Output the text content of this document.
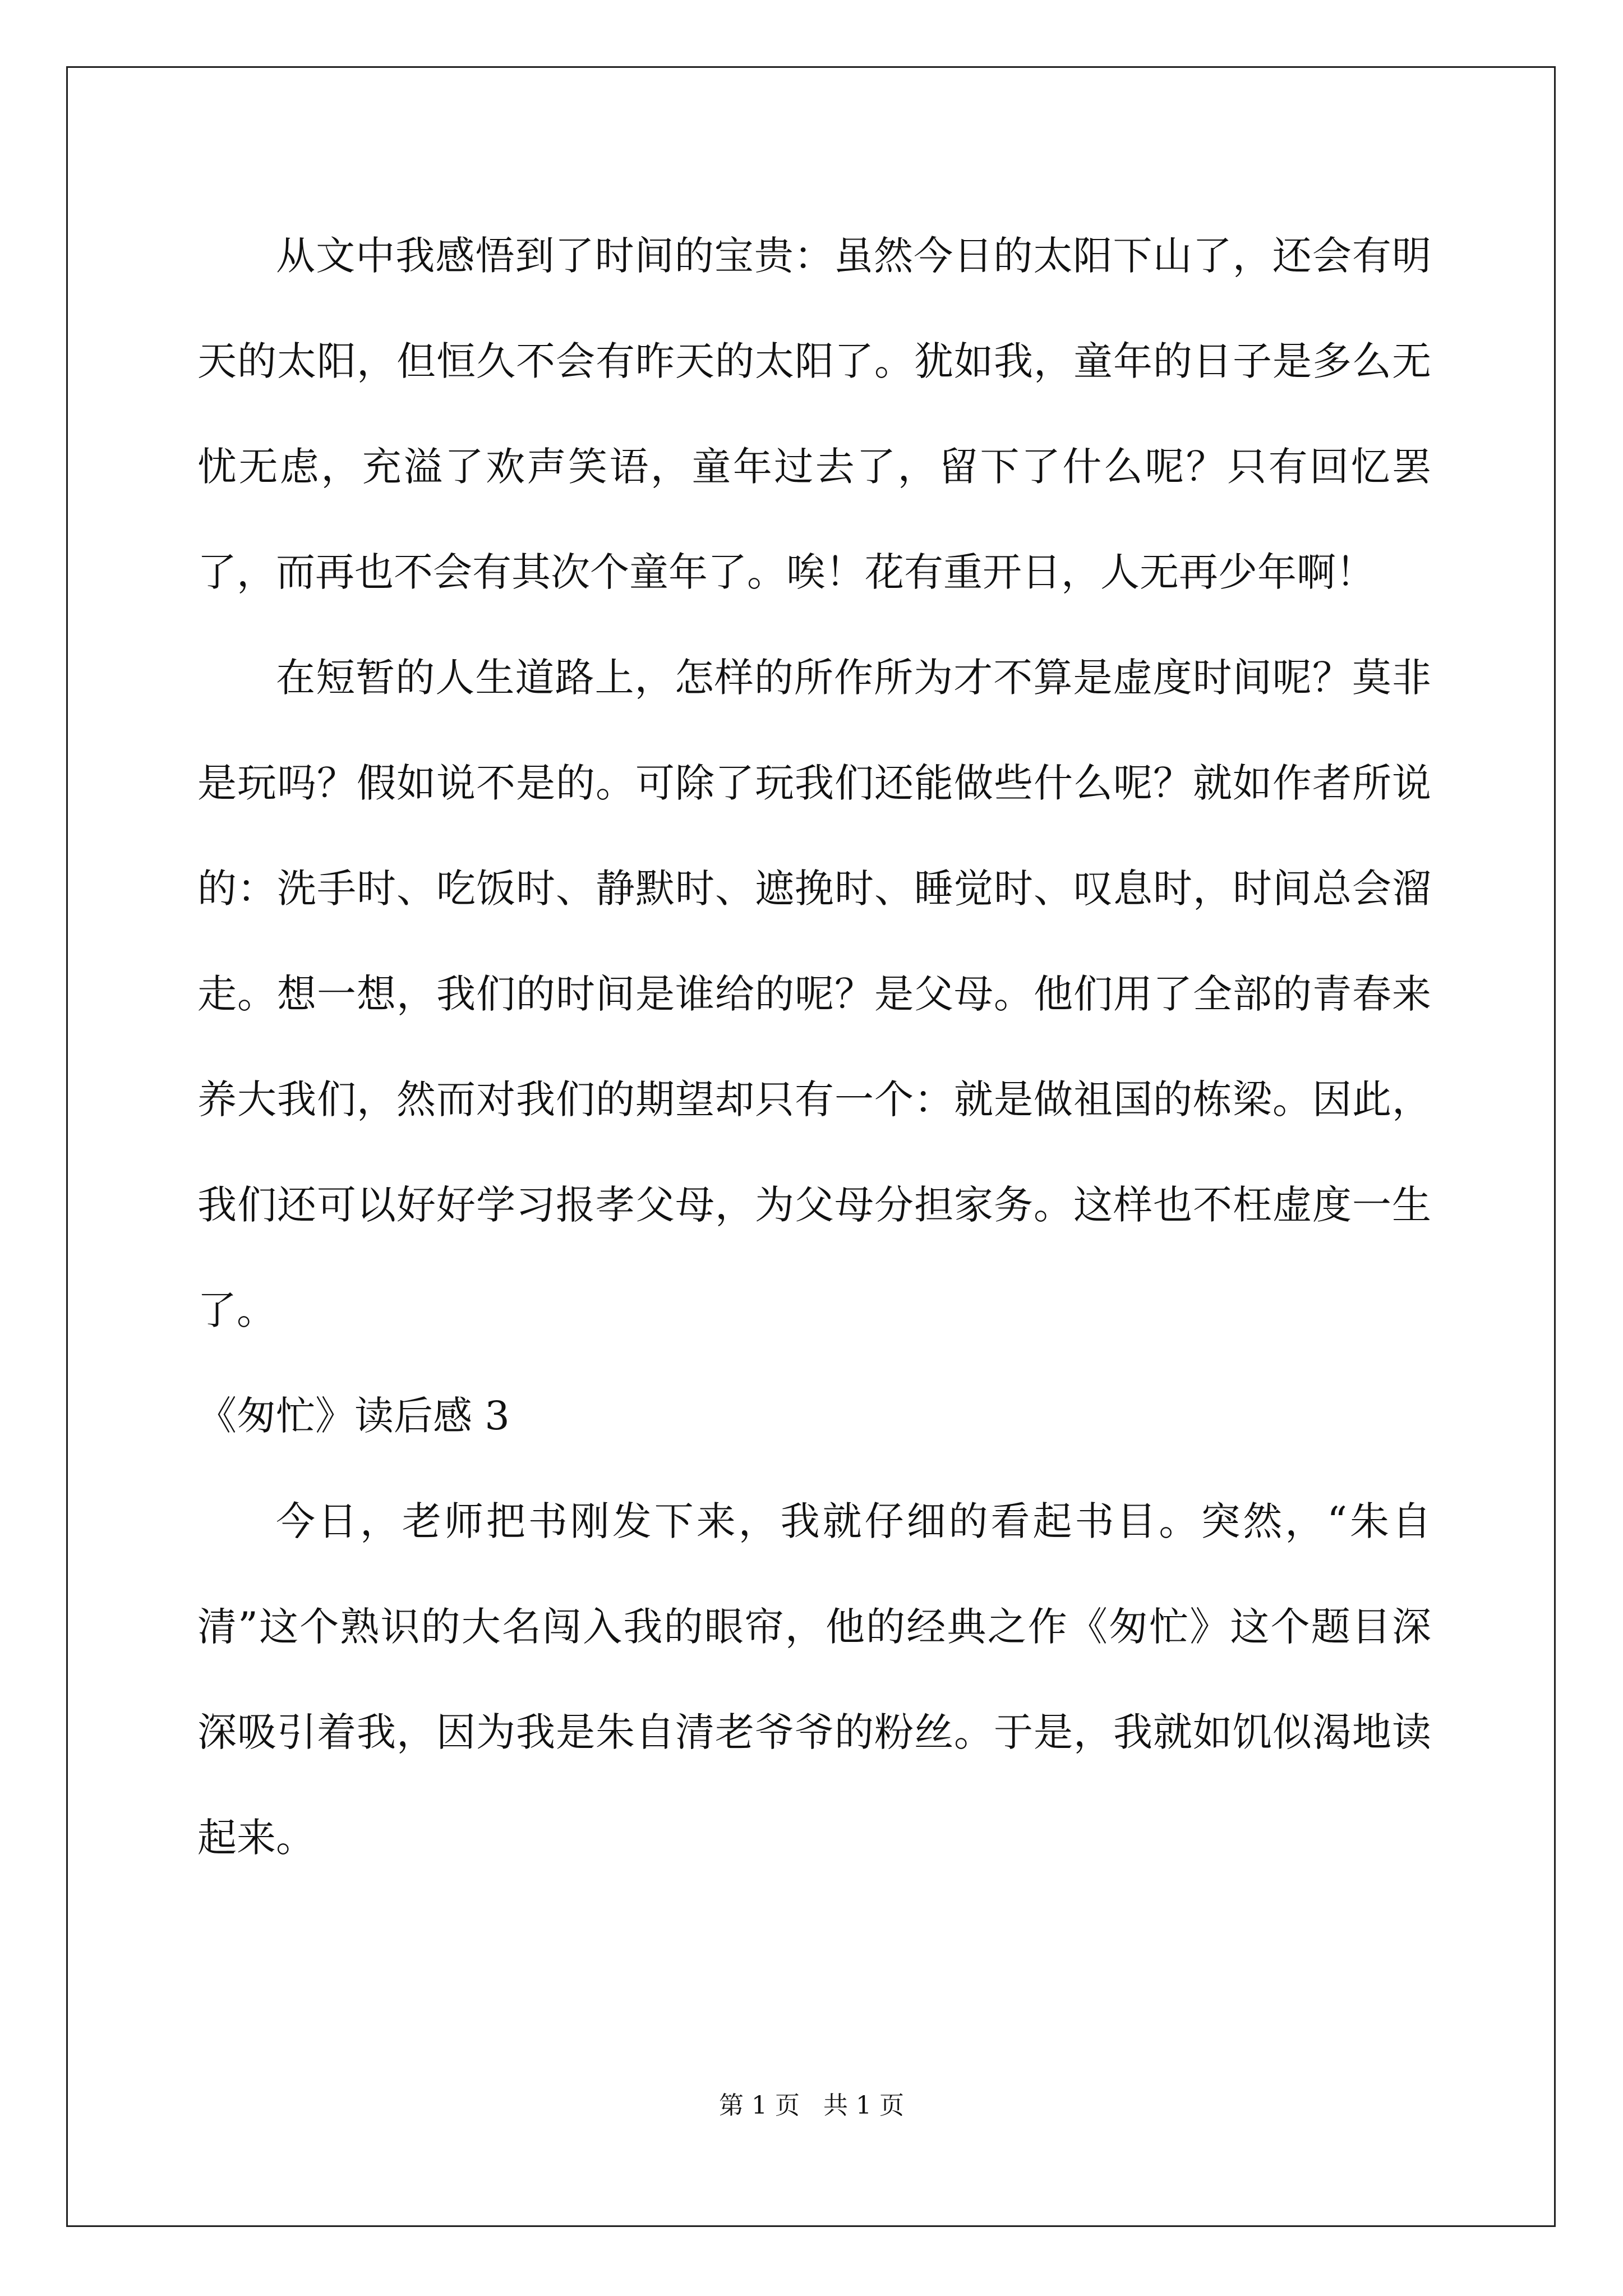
从文中我感悟到了时间的宝贵：虽然今日的太阳下山了，还会有明天的太阳，但恒久不会有昨天的太阳了。犹如我，童年的日子是多么无忧无虑，充溢了欢声笑语，童年过去了，留下了什么呢？只有回忆罢了，而再也不会有其次个童年了。唉！花有重开日，人无再少年啊！

在短暂的人生道路上，怎样的所作所为才不算是虚度时间呢？莫非是玩吗？假如说不是的。可除了玩我们还能做些什么呢？就如作者所说的：洗手时、吃饭时、静默时、遮挽时、睡觉时、叹息时，时间总会溜走。想一想，我们的时间是谁给的呢？是父母。他们用了全部的青春来养大我们，然而对我们的期望却只有一个：就是做祖国的栋梁。因此，我们还可以好好学习报孝父母，为父母分担家务。这样也不枉虚度一生了。

《匆忙》读后感 3

今日，老师把书刚发下来，我就仔细的看起书目。突然，“朱自清”这个熟识的大名闯入我的眼帘，他的经典之作《匆忙》这个题目深深吸引着我，因为我是朱自清老爷爷的粉丝。于是，我就如饥似渴地读起来。

第 1 页 共 1 页
